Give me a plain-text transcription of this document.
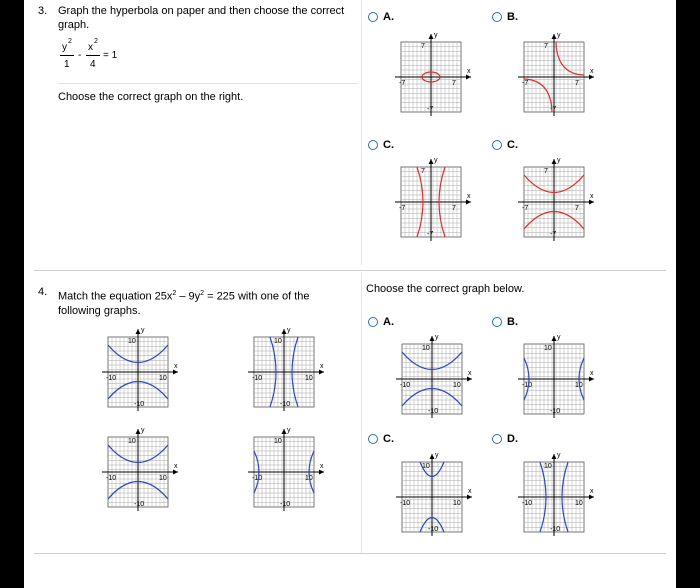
3. Graph the hyperbola on paper and then choose the correct
graph.
y
2
1
-
x
2
4
= 1
Choose the correct graph on the right.
A.	B.
C.	C.
y
x
7
-7
-7	7
y
x
7
-7
-7	7
y
x
7
-7
-7	7
y
x
7
-7
-7	7
4. Match the equation $25x^2 - 9y^2 = 225$ with one of the
following graphs.
Choose the correct graph below.
y
x
10
-10
-10	10
y
x
10
-10
-10	10
y
x
10
-10
-10	10
y
x
10
-10
-10	10
A.	B.
C.	D.
y
x
10
-10
-10	10
y
x
10
-10
-10	10
y
x
10
-10
-10	10
y
x
10
-10
-10	10
